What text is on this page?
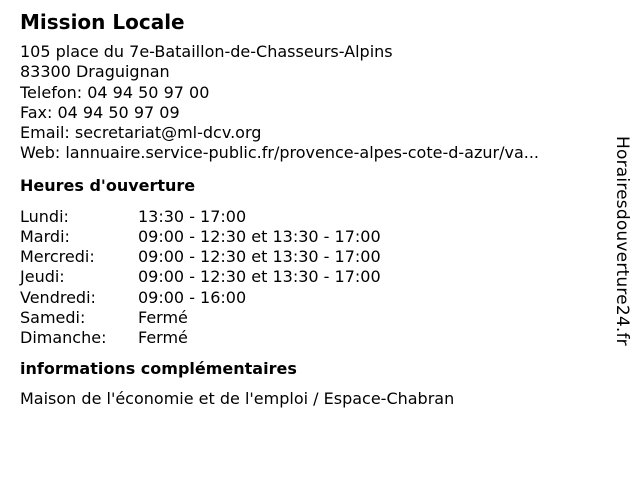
Mission Locale
105 place du 7e-Bataillon-de-Chasseurs-Alpins
83300 Draguignan
Telefon: 04 94 50 97 00
Fax: 04 94 50 97 09
Email: secretariat@ml-dcv.org
Web: lannuaire.service-public.fr/provence-alpes-cote-d-azur/va...
Heures d'ouverture
Lundi:	13:30 - 17:00
Mardi:	09:00 - 12:30 et 13:30 - 17:00
Mercredi:	09:00 - 12:30 et 13:30 - 17:00
Jeudi:	09:00 - 12:30 et 13:30 - 17:00
Vendredi:	09:00 - 16:00
Samedi:	Fermé
Dimanche:	Fermé
informations complémentaires
Maison de l'économie et de l'emploi / Espace-Chabran
Horairesdouverture24.fr
